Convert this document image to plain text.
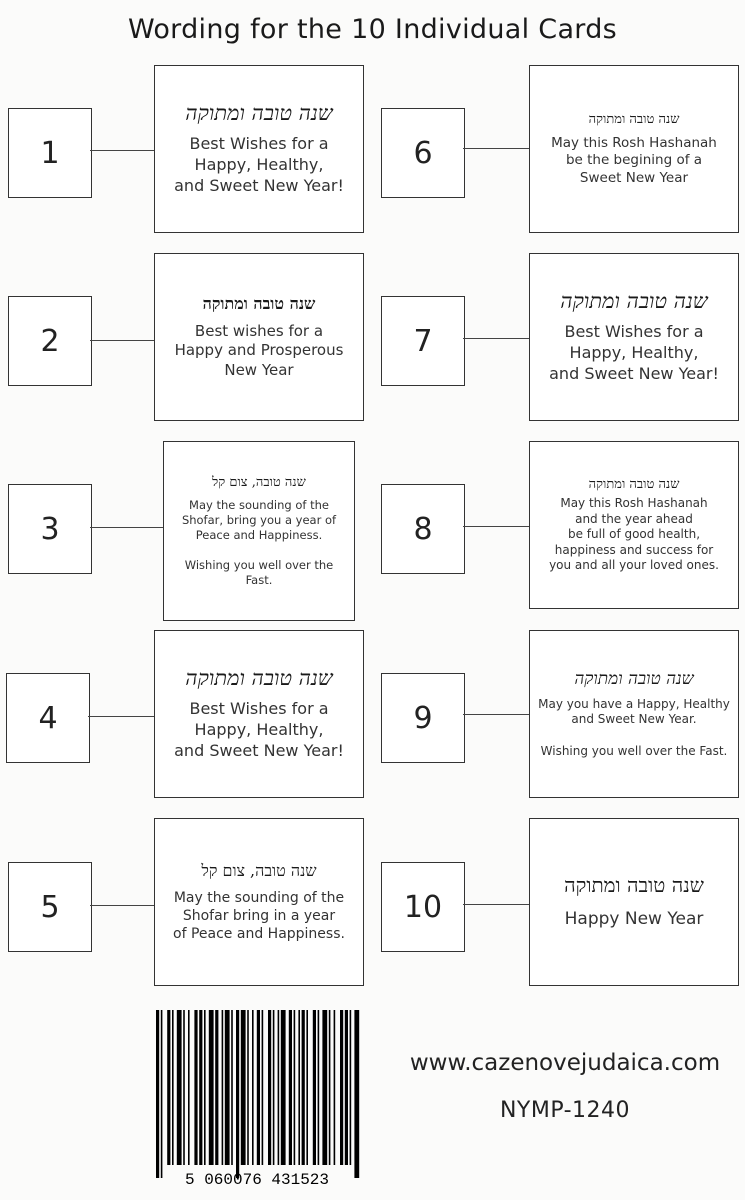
Wording for the 10 Individual Cards
1
שנה טובה ומתוקה
Best Wishes for a
Happy, Healthy,
and Sweet New Year!
2
שנה טובה ומתוקה
Best wishes for a
Happy and Prosperous
New Year
3
שנה טובה, צום קל
May the sounding of the
Shofar, bring you a year of
Peace and Happiness.
Wishing you well over the Fast.
4
שנה טובה ומתוקה
Best Wishes for a
Happy, Healthy,
and Sweet New Year!
5
שנה טובה, צום קל
May the sounding of the
Shofar bring in a year
of Peace and Happiness.
6
שנה טובה ומתוקה
May this Rosh Hashanah
be the begining of a
Sweet New Year
7
שנה טובה ומתוקה
Best Wishes for a
Happy, Healthy,
and Sweet New Year!
8
שנה טובה ומתוקה
May this Rosh Hashanah
and the year ahead
be full of good health,
happiness and success for
you and all your loved ones.
9
שנה טובה ומתוקה
May you have a Happy, Healthy
and Sweet New Year.
Wishing you well over the Fast.
10
שנה טובה ומתוקה
Happy New Year
5 060076 431523
www.cazenovejudaica.com
NYMP-1240
